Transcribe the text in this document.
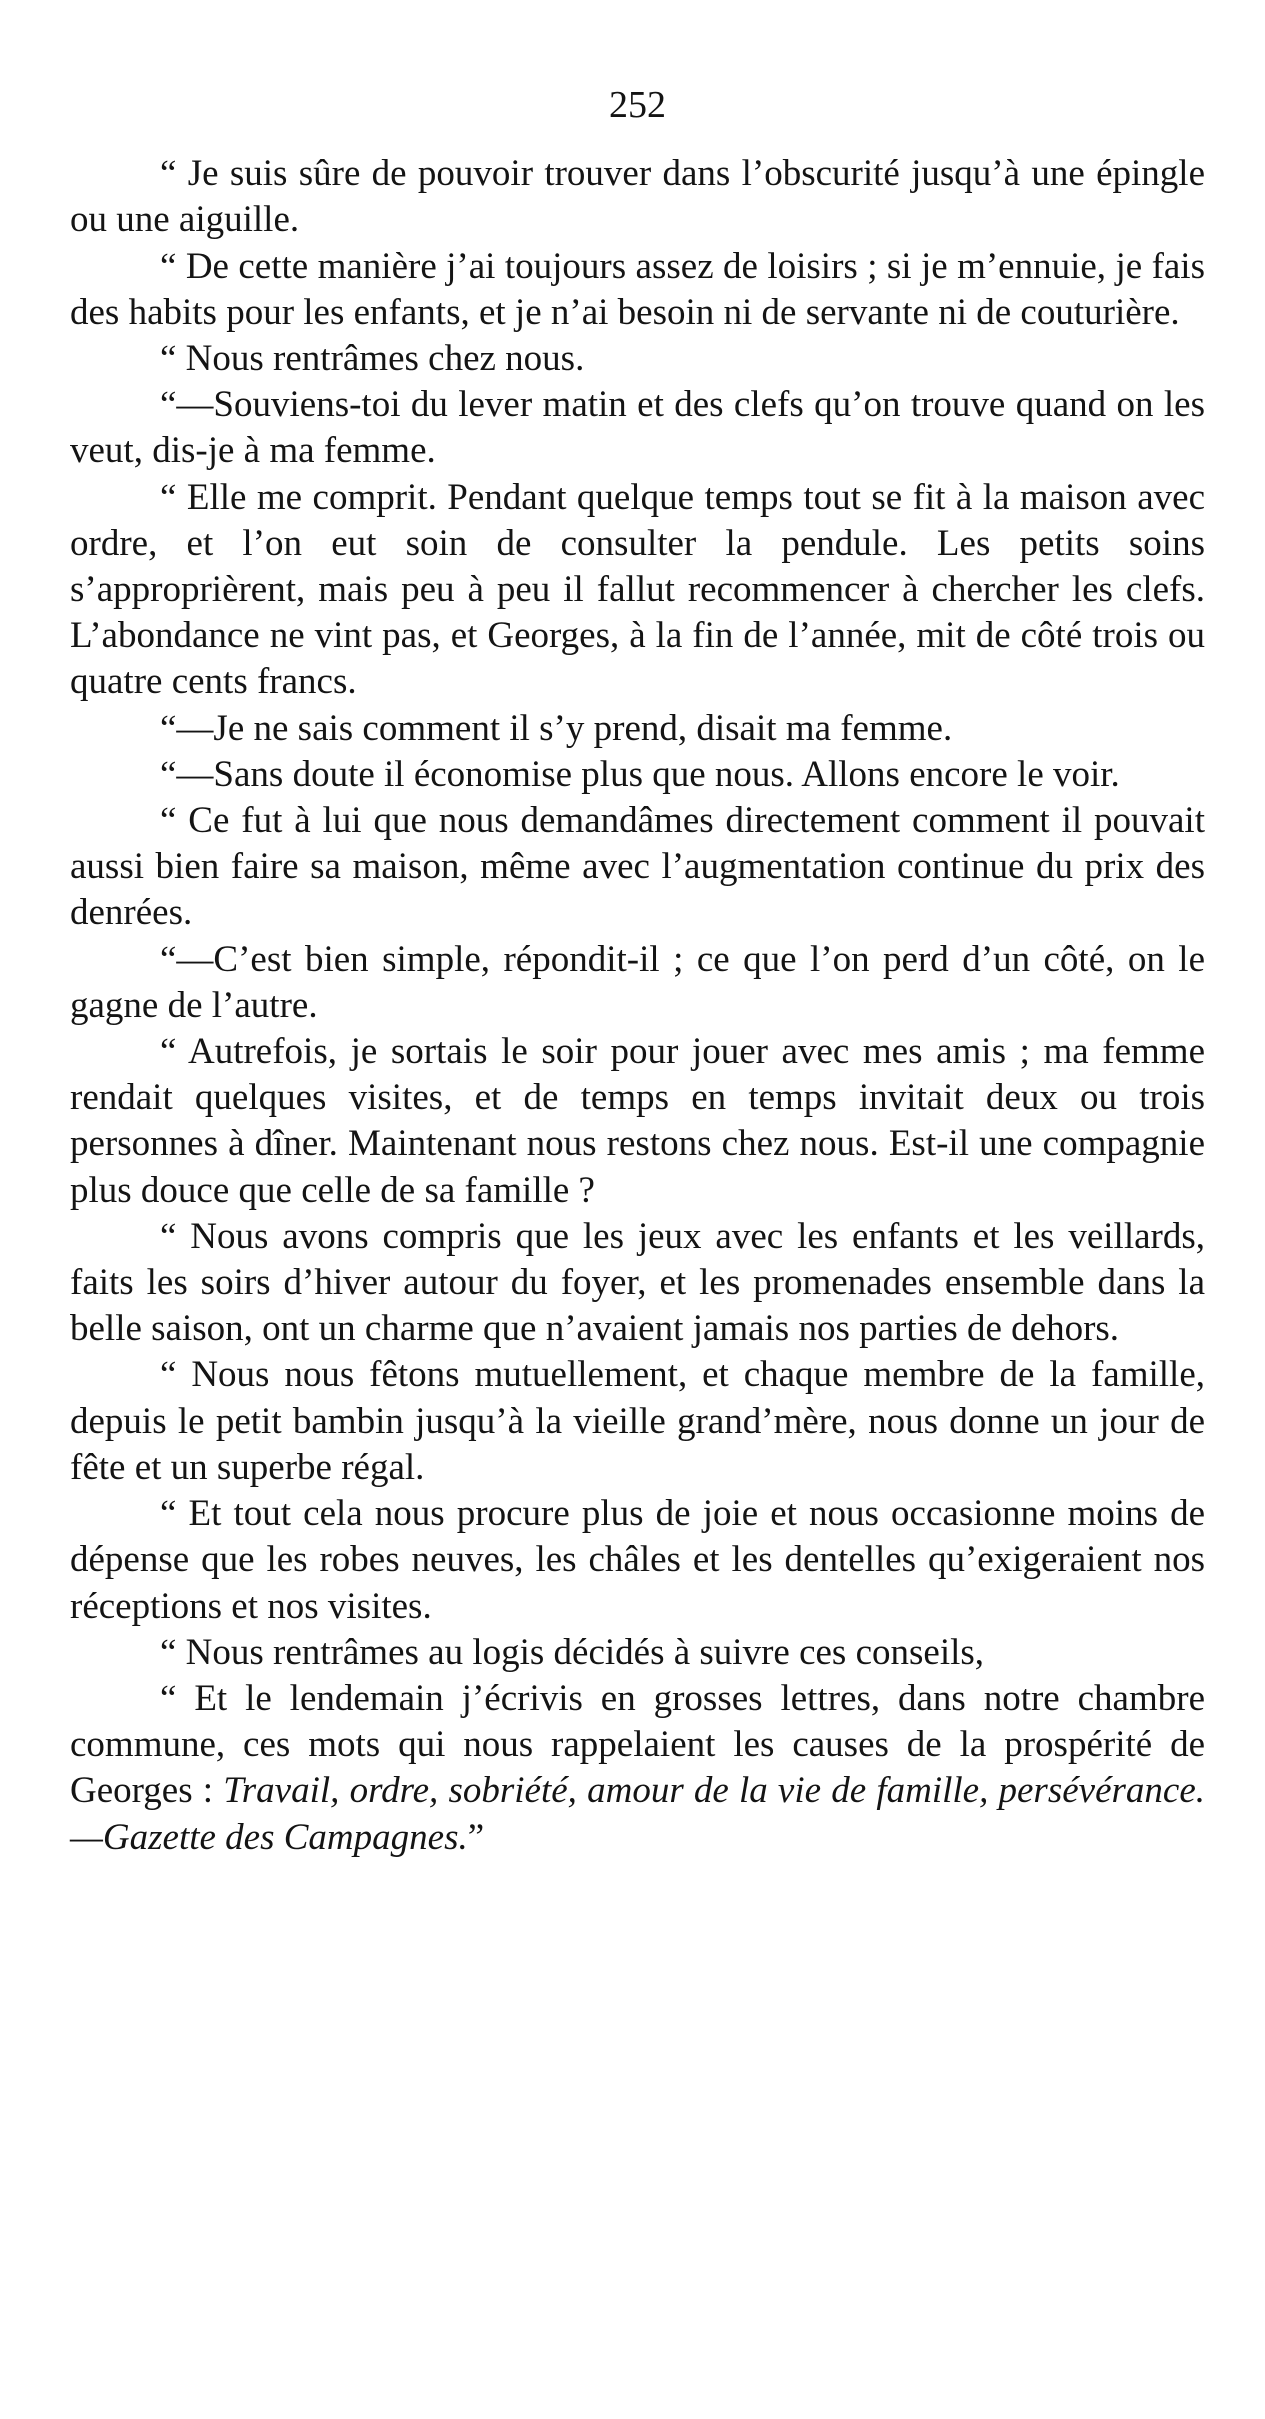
252

“ Je suis sûre de pouvoir trouver dans l’obscurité jusqu’à une épingle ou une aiguille.

“ De cette manière j’ai toujours assez de loisirs ; si je m’ennuie, je fais des habits pour les enfants, et je n’ai besoin ni de servante ni de couturière.

“ Nous rentrâmes chez nous.

“—Souviens-toi du lever matin et des clefs qu’on trouve quand on les veut, dis-je à ma femme.

“ Elle me comprit. Pendant quelque temps tout se fit à la maison avec ordre, et l’on eut soin de consulter la pendule. Les petits soins s’approprièrent, mais peu à peu il fallut recommencer à chercher les clefs. L’abondance ne vint pas, et Georges, à la fin de l’année, mit de côté trois ou quatre cents francs.

“—Je ne sais comment il s’y prend, disait ma femme.

“—Sans doute il économise plus que nous. Allons encore le voir.

“ Ce fut à lui que nous demandâmes directement comment il pouvait aussi bien faire sa maison, même avec l’augmentation continue du prix des denrées.

“—C’est bien simple, répondit-il ; ce que l’on perd d’un côté, on le gagne de l’autre.

“ Autrefois, je sortais le soir pour jouer avec mes amis ; ma femme rendait quelques visites, et de temps en temps invitait deux ou trois personnes à dîner. Maintenant nous restons chez nous. Est-il une compagnie plus douce que celle de sa famille ?

“ Nous avons compris que les jeux avec les enfants et les veillards, faits les soirs d’hiver autour du foyer, et les promenades ensemble dans la belle saison, ont un charme que n’avaient jamais nos parties de dehors.

“ Nous nous fêtons mutuellement, et chaque membre de la famille, depuis le petit bambin jusqu’à la vieille grand’mère, nous donne un jour de fête et un superbe régal.

“ Et tout cela nous procure plus de joie et nous occasionne moins de dépense que les robes neuves, les châles et les dentelles qu’exigeraient nos réceptions et nos visites.

“ Nous rentrâmes au logis décidés à suivre ces conseils,

“ Et le lendemain j’écrivis en grosses lettres, dans notre chambre commune, ces mots qui nous rappelaient les causes de la prospérité de Georges : Travail, ordre, sobriété, amour de la vie de famille, persévérance.—Gazette des Campagnes.”
